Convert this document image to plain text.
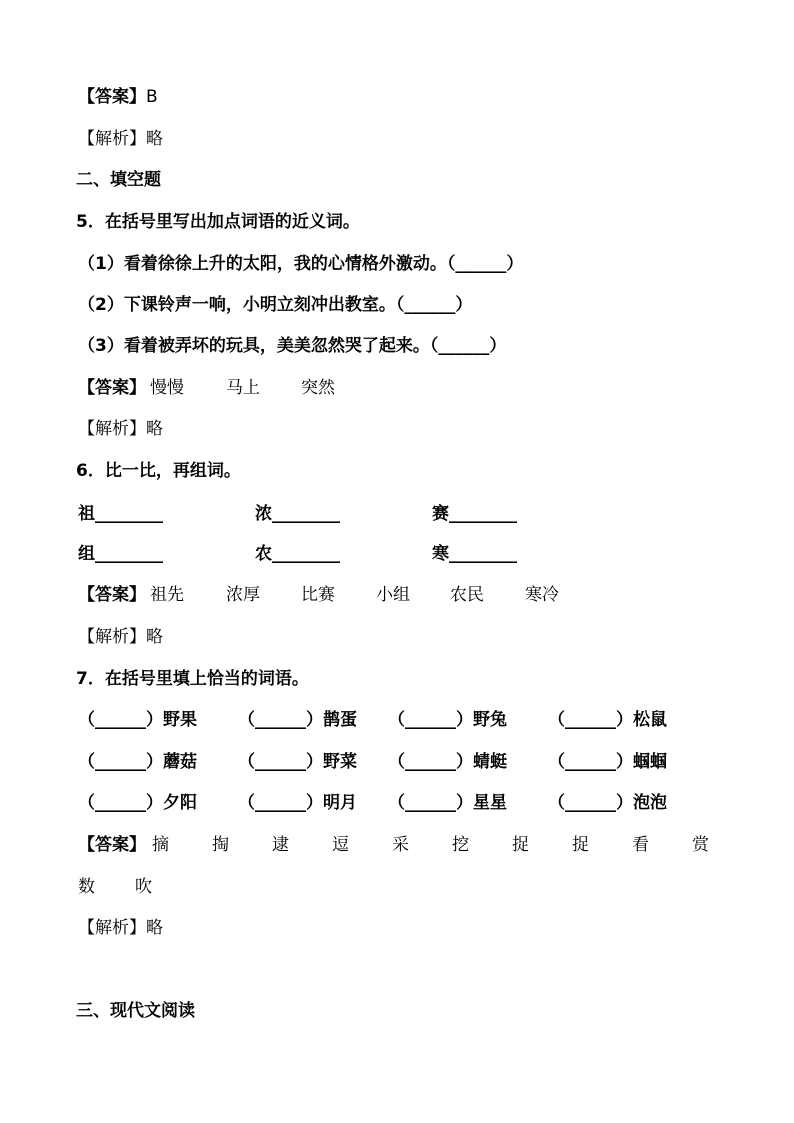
【答案】B
【解析】略
二、填空题
5．在括号里写出加点词语的近义词。
（1）看着徐徐上升的太阳，我的心情格外激动。（______）
（2）下课铃声一响，小明立刻冲出教室。（______）
（3）看着被弄坏的玩具，美美忽然哭了起来。（______）
【答案】 慢慢 马上 突然
【解析】略
6．比一比，再组词。
祖________	浓________	赛________
组________	农________	寒________
【答案】 祖先 浓厚 比赛 小组 农民 寒冷
【解析】略
7．在括号里填上恰当的词语。
（______）野果 （______）鹊蛋 （______）野兔 （______）松鼠
（______）蘑菇 （______）野菜 （______）蜻蜓 （______）蝈蝈
（______）夕阳 （______）明月 （______）星星 （______）泡泡
【答案】 摘	掏	逮	逗	采	挖	捉	捉	看	赏
数 吹
【解析】略
三、现代文阅读
